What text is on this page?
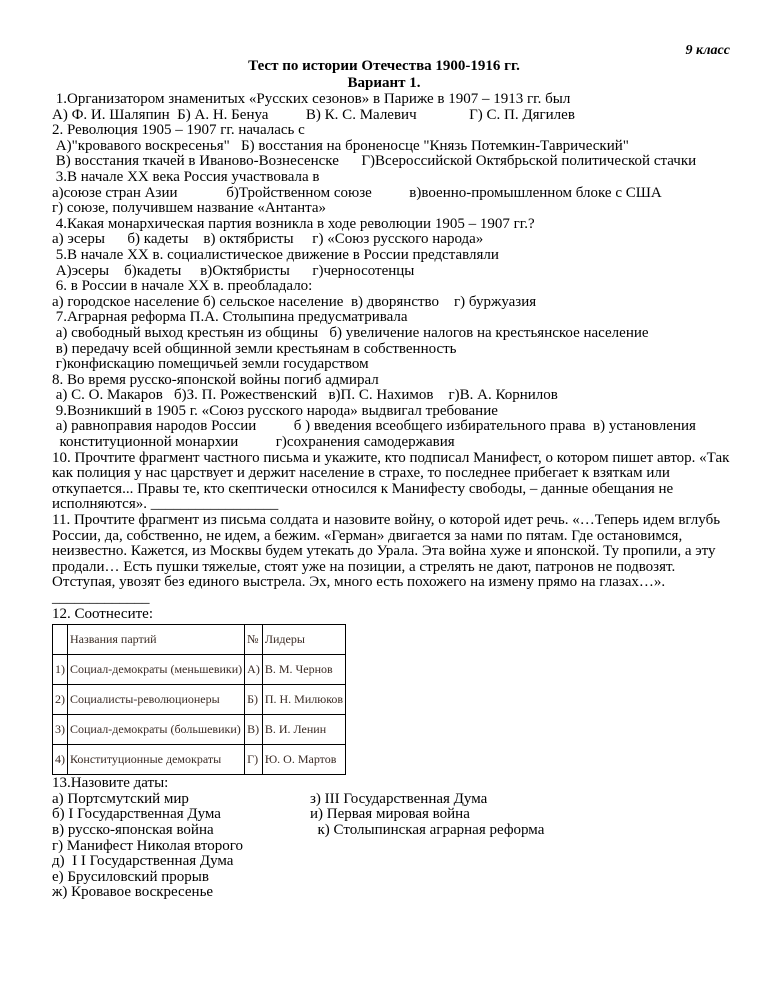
9 класс
Тест по истории Отечества 1900-1916 гг.
Вариант 1.
1.Организатором знаменитых «Русских сезонов» в Париже в 1907 – 1913 гг. был
А) Ф. И. Шаляпин  Б) А. Н. Бенуа          В) К. С. Малевич              Г) С. П. Дягилев
2. Революция 1905 – 1907 гг. началась с
А)"кровавого воскресенья"   Б) восстания на броненосце "Князь Потемкин-Таврический"
В) восстания ткачей в Иваново-Вознесенске      Г)Всероссийской Октябрьской политической стачки
3.В начале XX века Россия участвовала в
а)союзе стран Азии             б)Тройственном союзе          в)военно-промышленном блоке с США
г) союзе, получившем название «Антанта»
4.Какая монархическая партия возникла в ходе революции 1905 – 1907 гг.?
а) эсеры      б) кадеты    в) октябристы     г) «Союз русского народа»
5.В начале XX в. социалистическое движение в России представляли
А)эсеры    б)кадеты     в)Октябристы      г)черносотенцы
6. в России в начале XX в. преобладало:
а) городское население б) сельское население  в) дворянство    г) буржуазия
7.Аграрная реформа П.А. Столыпина предусматривала
а) свободный выход крестьян из общины   б) увеличение налогов на крестьянское население
в) передачу всей общинной земли крестьянам в собственность
г)конфискацию помещичьей земли государством
8. Во время русско-японской войны погиб адмирал
а) С. О. Макаров   б)З. П. Рожественский   в)П. С. Нахимов    г)В. А. Корнилов
9.Возникший в 1905 г. «Союз русского народа» выдвигал требование
а) равноправия народов России          б ) введения всеобщего избирательного права  в) установления
конституционной монархии          г)сохранения самодержавия

10. Прочтите фрагмент частного письма и укажите, кто подписал Манифест, о котором пишет автор. «Так как полиция у нас царствует и держит население в страхе, то последнее прибегает к взяткам или откупается... Правы те, кто скептически относился к Манифесту свободы, – данные обещания не исполняются». _________________

11. Прочтите фрагмент из письма солдата и назовите войну, о которой идет речь. «…Теперь идем вглубь России, да, собственно, не идем, а бежим. «Герман» двигается за нами по пятам. Где остановимся, неизвестно. Кажется, из Москвы будем утекать до Урала. Эта война хуже и японской. Ту пропили, а эту продали… Есть пушки тяжелые, стоят уже на позиции, а стрелять не дают, патронов не подвозят. Отступая, увозят без единого выстрела. Эх, много есть похожего на измену прямо на глазах…». _____________

12. Соотнесите:
	Названия партий	№	Лидеры
1)	Социал-демократы (меньшевики)	А)	В. М. Чернов
2)	Социалисты-революционеры	Б)	П. Н. Милюков
3)	Социал-демократы (большевики)	В)	В. И. Ленин
4)	Конституционные демократы	Г)	Ю. О. Мартов
13.Назовите даты:
а) Портсмутский мир
б) I Государственная Дума
в) русско-японская война
г) Манифест Николая второго
д)  I I Государственная Дума
е) Брусиловский прорыв
ж) Кровавое воскресенье
з) III Государственная Дума
и) Первая мировая война
к) Столыпинская аграрная реформа
